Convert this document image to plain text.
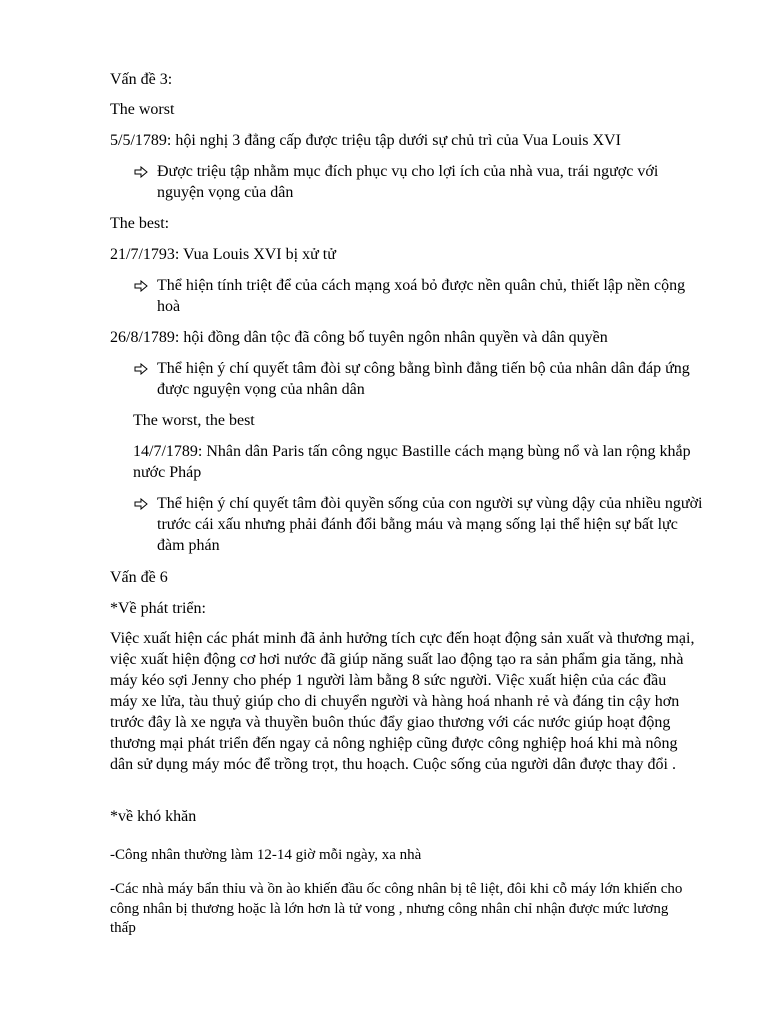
Vấn đề 3:

The worst

5/5/1789: hội nghị 3 đẳng cấp được triệu tập dưới sự chủ trì của Vua Louis XVI

Được triệu tập nhằm mục đích phục vụ cho lợi ích của nhà vua, trái ngược với nguyện vọng của dân

The best:

21/7/1793: Vua Louis XVI bị xử tử

Thể hiện tính triệt để của cách mạng xoá bỏ được nền quân chủ, thiết lập nền cộng hoà

26/8/1789: hội đồng dân tộc đã công bố tuyên ngôn nhân quyền và dân quyền

Thể hiện ý chí quyết tâm đòi sự công bằng bình đẳng tiến bộ của nhân dân đáp ứng được nguyện vọng của nhân dân

The worst, the best

14/7/1789: Nhân dân Paris tấn công ngục Bastille cách mạng bùng nổ và lan rộng khắp nước Pháp

Thể hiện ý chí quyết tâm đòi quyền sống của con người sự vùng dậy của nhiều người trước cái xấu nhưng phải đánh đổi bằng máu và mạng sống lại thể hiện sự bất lực đàm phán

Vấn đề 6

*Về phát triển:

Việc xuất hiện các phát minh đã ảnh hưởng tích cực đến hoạt động sản xuất và thương mại, việc xuất hiện động cơ hơi nước đã giúp năng suất lao động tạo ra sản phẩm gia tăng, nhà máy kéo sợi Jenny cho phép 1 người làm bằng 8 sức người. Việc xuất hiện của các đầu máy xe lửa, tàu thuỷ giúp cho di chuyển người và hàng hoá nhanh rẻ và đáng tin cậy hơn trước đây là xe ngựa và thuyền buôn thúc đẩy giao thương với các nước giúp hoạt động thương mại phát triển đến ngay cả nông nghiệp cũng được công nghiệp hoá khi mà nông dân sử dụng máy móc để trồng trọt, thu hoạch. Cuộc sống của người dân được thay đổi .

*về khó khăn

-Công nhân thường làm 12-14 giờ mỗi ngày, xa nhà

-Các nhà máy bẩn thỉu và ồn ào khiến đầu ốc công nhân bị tê liệt, đôi khi cỗ máy lớn khiến cho công nhân bị thương hoặc là lớn hơn là tử vong , nhưng công nhân chỉ nhận được mức lương thấp
